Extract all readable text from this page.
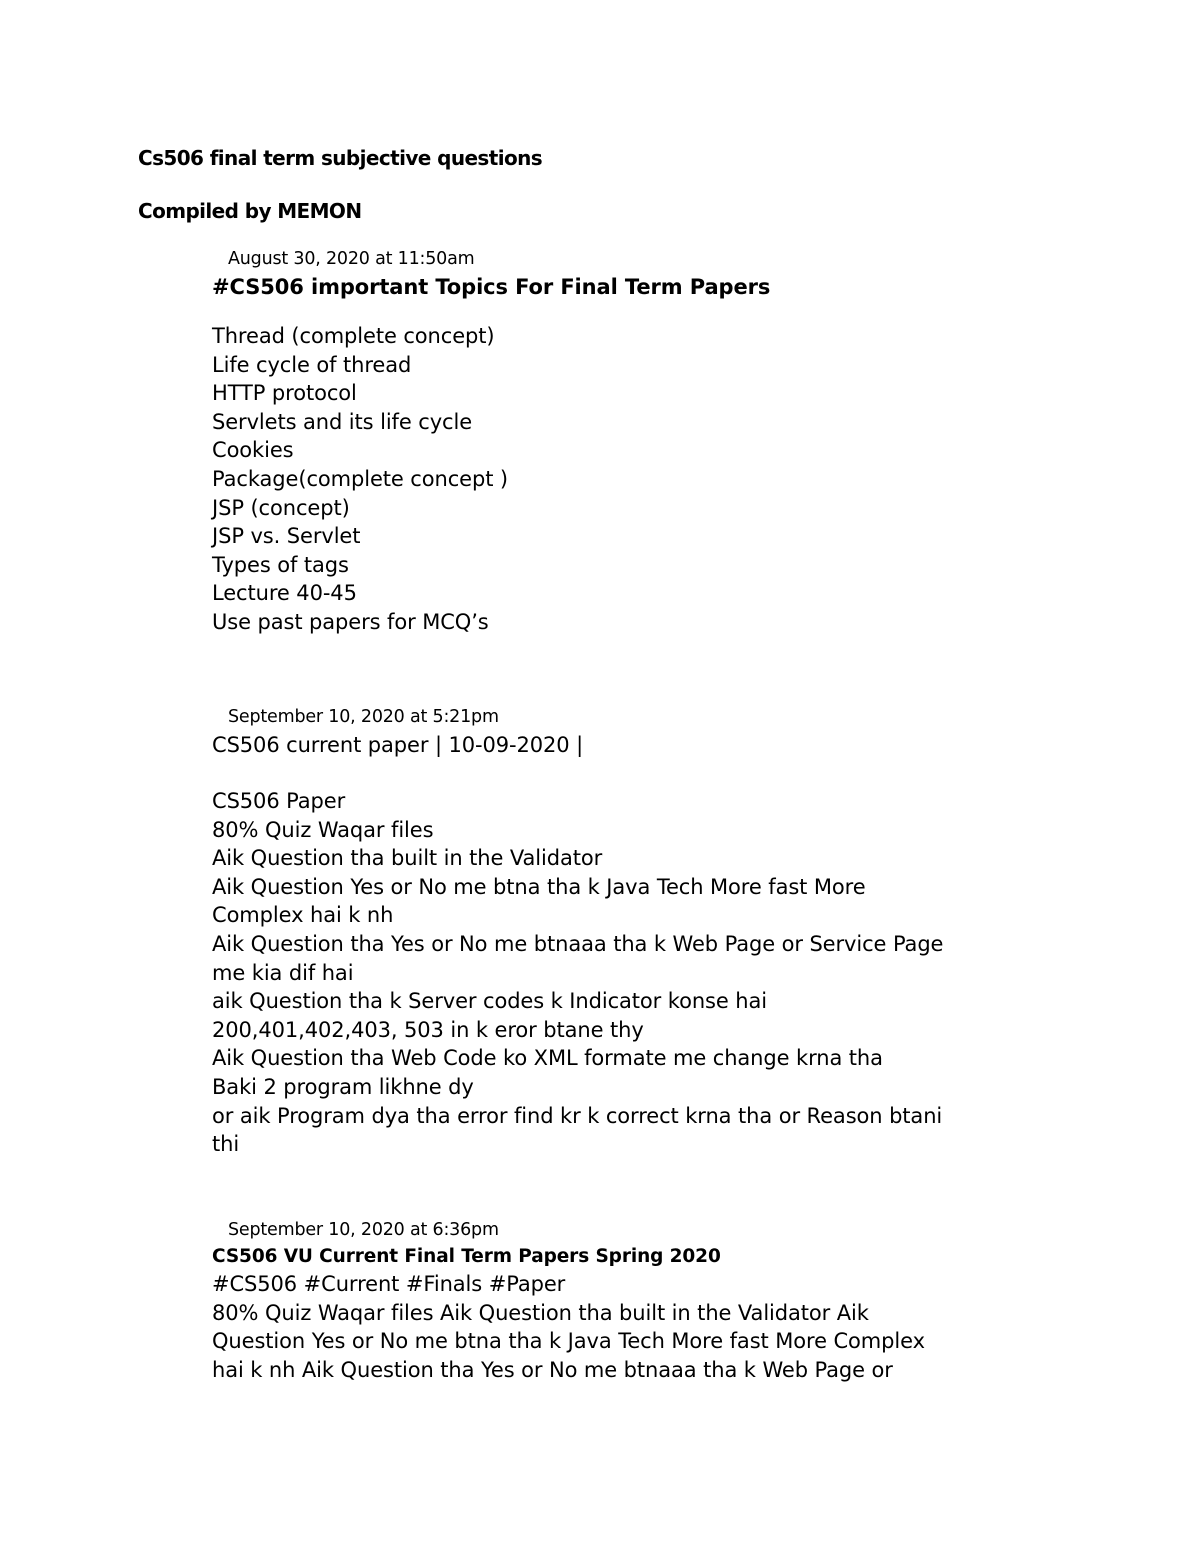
Cs506 final term subjective questions
Compiled by MEMON
August 30, 2020 at 11:50am
#CS506 important Topics For Final Term Papers
Thread (complete concept)
Life cycle of thread
HTTP protocol
Servlets and its life cycle
Cookies
Package(complete concept )
JSP (concept)
JSP vs. Servlet
Types of tags
Lecture 40-45
Use past papers for MCQ’s
September 10, 2020 at 5:21pm
CS506 current paper | 10-09-2020 |
CS506 Paper
80% Quiz Waqar files
Aik Question tha built in the Validator
Aik Question Yes or No me btna tha k Java Tech More fast More
Complex hai k nh
Aik Question tha Yes or No me btnaaa tha k Web Page or Service Page
me kia dif hai
aik Question tha k Server codes k Indicator konse hai
200,401,402,403, 503 in k eror btane thy
Aik Question tha Web Code ko XML formate me change krna tha
Baki 2 program likhne dy
or aik Program dya tha error find kr k correct krna tha or Reason btani
thi
September 10, 2020 at 6:36pm
CS506 VU Current Final Term Papers Spring 2020
#CS506 #Current #Finals #Paper
80% Quiz Waqar files Aik Question tha built in the Validator Aik
Question Yes or No me btna tha k Java Tech More fast More Complex
hai k nh Aik Question tha Yes or No me btnaaa tha k Web Page or
